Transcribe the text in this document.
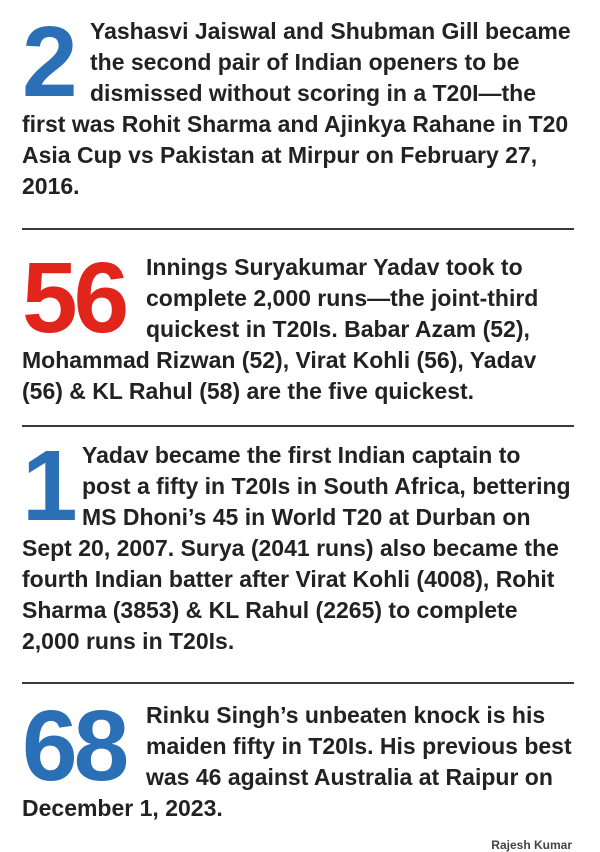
2 Yashasvi Jaiswal and Shubman Gill became the second pair of Indian openers to be dismissed without scoring in a T20I—the first was Rohit Sharma and Ajinkya Rahane in T20 Asia Cup vs Pakistan at Mirpur on February 27, 2016.

56 Innings Suryakumar Yadav took to complete 2,000 runs—the joint-third quickest in T20Is. Babar Azam (52), Mohammad Rizwan (52), Virat Kohli (56), Yadav (56) & KL Rahul (58) are the five quickest.

1 Yadav became the first Indian captain to post a fifty in T20Is in South Africa, bettering MS Dhoni’s 45 in World T20 at Durban on Sept 20, 2007. Surya (2041 runs) also became the fourth Indian batter after Virat Kohli (4008), Rohit Sharma (3853) & KL Rahul (2265) to complete 2,000 runs in T20Is.

68 Rinku Singh’s unbeaten knock is his maiden fifty in T20Is. His previous best was 46 against Australia at Raipur on December 1, 2023.

Rajesh Kumar
